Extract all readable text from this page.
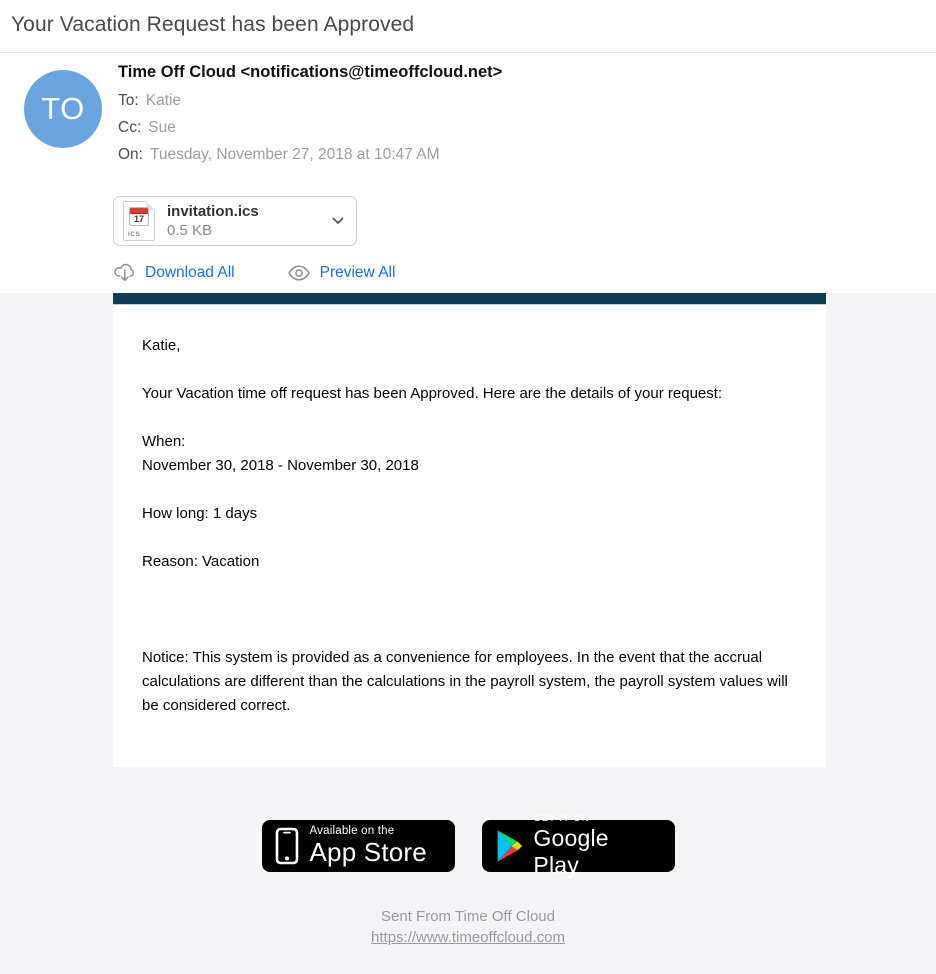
Your Vacation Request has been Approved
TO
Time Off Cloud <notifications@timeoffcloud.net>
To: Katie
Cc: Sue
On: Tuesday, November 27, 2018 at 10:47 AM
17
ICS
invitation.ics
0.5 KB
Download All	Preview All

Katie,

Your Vacation time off request has been Approved. Here are the details of your request:

When:

November 30, 2018 - November 30, 2018

How long: 1 days

Reason: Vacation

Notice: This system is provided as a convenience for employees. In the event that the accrual calculations are different than the calculations in the payroll system, the payroll system values will be considered correct.

Available on the
App Store
GET IT ON
Google Play
Sent From Time Off Cloud
https://www.timeoffcloud.com
